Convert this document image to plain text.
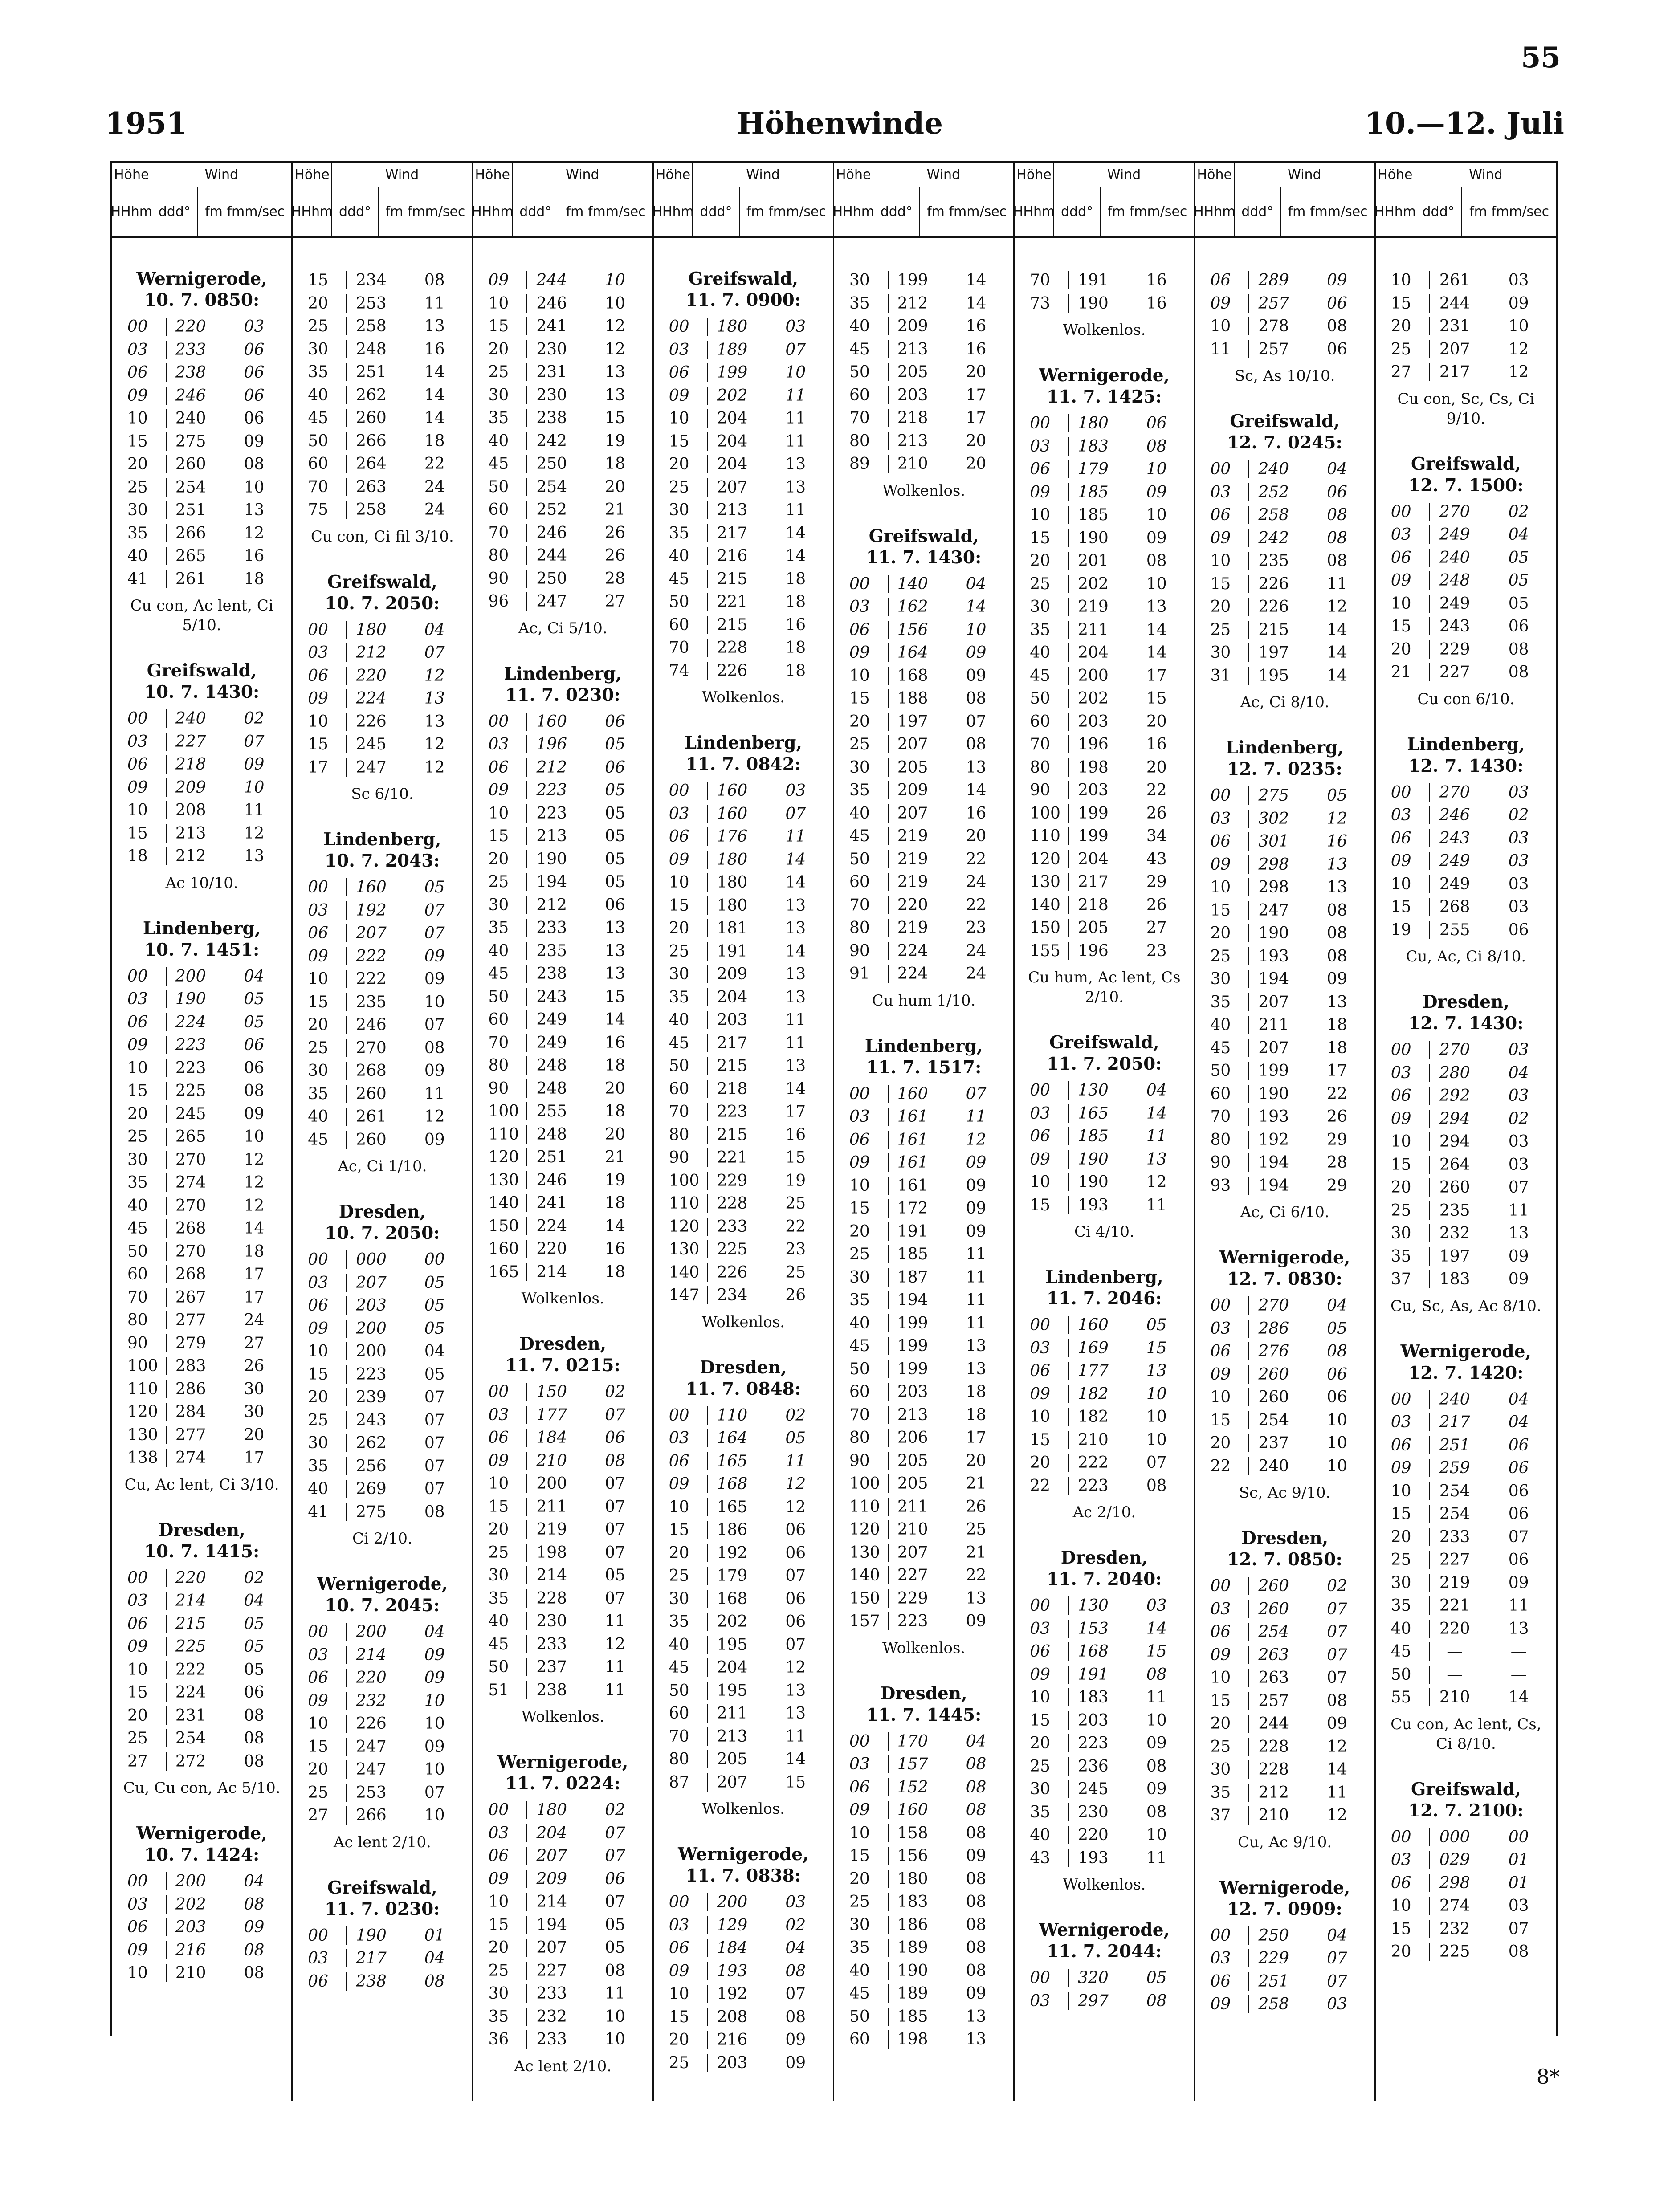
55
1951	Höhenwinde	10.—12. Juli
Höhe	Wind
HH hm ddd ° fm fm m/sec
Wernigerode,
10. 7. 0850:
00	220	03
03	233	06
06	238	06
09	246	06
10	240	06
15	275	09
20	260	08
25	254	10
30	251	13
35	266	12
40	265	16
41	261	18
Cu con, Ac lent, Ci 5/10.
Greifswald,
10. 7. 1430:
00	240	02
03	227	07
06	218	09
09	209	10
10	208	11
15	213	12
18	212	13
Ac 10/10.
Lindenberg,
10. 7. 1451:
00	200	04
03	190	05
06	224	05
09	223	06
10	223	06
15	225	08
20	245	09
25	265	10
30	270	12
35	274	12
40	270	12
45	268	14
50	270	18
60	268	17
70	267	17
80	277	24
90	279	27
100	283	26
110	286	30
120	284	30
130	277	20
138	274	17
Cu, Ac lent, Ci 3/10.
Dresden,
10. 7. 1415:
00	220	02
03	214	04
06	215	05
09	225	05
10	222	05
15	224	06
20	231	08
25	254	08
27	272	08
Cu, Cu con, Ac 5/10.
Wernigerode,
10. 7. 1424:
00	200	04
03	202	08
06	203	09
09	216	08
10	210	08
Höhe	Wind
HH hm ddd ° fm fm m/sec
15	234	08
20	253	11
25	258	13
30	248	16
35	251	14
40	262	14
45	260	14
50	266	18
60	264	22
70	263	24
75	258	24
Cu con, Ci fil 3/10.
Greifswald,
10. 7. 2050:
00	180	04
03	212	07
06	220	12
09	224	13
10	226	13
15	245	12
17	247	12
Sc 6/10.
Lindenberg,
10. 7. 2043:
00	160	05
03	192	07
06	207	07
09	222	09
10	222	09
15	235	10
20	246	07
25	270	08
30	268	09
35	260	11
40	261	12
45	260	09
Ac, Ci 1/10.
Dresden,
10. 7. 2050:
00	000	00
03	207	05
06	203	05
09	200	05
10	200	04
15	223	05
20	239	07
25	243	07
30	262	07
35	256	07
40	269	07
41	275	08
Ci 2/10.
Wernigerode,
10. 7. 2045:
00	200	04
03	214	09
06	220	09
09	232	10
10	226	10
15	247	09
20	247	10
25	253	07
27	266	10
Ac lent 2/10.
Greifswald,
11. 7. 0230:
00	190	01
03	217	04
06	238	08
Höhe	Wind
HH hm ddd ° fm fm m/sec
09	244	10
10	246	10
15	241	12
20	230	12
25	231	13
30	230	13
35	238	15
40	242	19
45	250	18
50	254	20
60	252	21
70	246	26
80	244	26
90	250	28
96	247	27
Ac, Ci 5/10.
Lindenberg,
11. 7. 0230:
00	160	06
03	196	05
06	212	06
09	223	05
10	223	05
15	213	05
20	190	05
25	194	05
30	212	06
35	233	13
40	235	13
45	238	13
50	243	15
60	249	14
70	249	16
80	248	18
90	248	20
100	255	18
110	248	20
120	251	21
130	246	19
140	241	18
150	224	14
160	220	16
165	214	18
Wolkenlos.
Dresden,
11. 7. 0215:
00	150	02
03	177	07
06	184	06
09	210	08
10	200	07
15	211	07
20	219	07
25	198	07
30	214	05
35	228	07
40	230	11
45	233	12
50	237	11
51	238	11
Wolkenlos.
Wernigerode,
11. 7. 0224:
00	180	02
03	204	07
06	207	07
09	209	06
10	214	07
15	194	05
20	207	05
25	227	08
30	233	11
35	232	10
36	233	10
Ac lent 2/10.
Höhe	Wind
HH hm ddd ° fm fm m/sec
Greifswald,
11. 7. 0900:
00	180	03
03	189	07
06	199	10
09	202	11
10	204	11
15	204	11
20	204	13
25	207	13
30	213	11
35	217	14
40	216	14
45	215	18
50	221	18
60	215	16
70	228	18
74	226	18
Wolkenlos.
Lindenberg,
11. 7. 0842:
00	160	03
03	160	07
06	176	11
09	180	14
10	180	14
15	180	13
20	181	13
25	191	14
30	209	13
35	204	13
40	203	11
45	217	11
50	215	13
60	218	14
70	223	17
80	215	16
90	221	15
100	229	19
110	228	25
120	233	22
130	225	23
140	226	25
147	234	26
Wolkenlos.
Dresden,
11. 7. 0848:
00	110	02
03	164	05
06	165	11
09	168	12
10	165	12
15	186	06
20	192	06
25	179	07
30	168	06
35	202	06
40	195	07
45	204	12
50	195	13
60	211	13
70	213	11
80	205	14
87	207	15
Wolkenlos.
Wernigerode,
11. 7. 0838:
00	200	03
03	129	02
06	184	04
09	193	08
10	192	07
15	208	08
20	216	09
25	203	09
Höhe	Wind
HH hm ddd ° fm fm m/sec
30	199	14
35	212	14
40	209	16
45	213	16
50	205	20
60	203	17
70	218	17
80	213	20
89	210	20
Wolkenlos.
Greifswald,
11. 7. 1430:
00	140	04
03	162	14
06	156	10
09	164	09
10	168	09
15	188	08
20	197	07
25	207	08
30	205	13
35	209	14
40	207	16
45	219	20
50	219	22
60	219	24
70	220	22
80	219	23
90	224	24
91	224	24
Cu hum 1/10.
Lindenberg,
11. 7. 1517:
00	160	07
03	161	11
06	161	12
09	161	09
10	161	09
15	172	09
20	191	09
25	185	11
30	187	11
35	194	11
40	199	11
45	199	13
50	199	13
60	203	18
70	213	18
80	206	17
90	205	20
100	205	21
110	211	26
120	210	25
130	207	21
140	227	22
150	229	13
157	223	09
Wolkenlos.
Dresden,
11. 7. 1445:
00	170	04
03	157	08
06	152	08
09	160	08
10	158	08
15	156	09
20	180	08
25	183	08
30	186	08
35	189	08
40	190	08
45	189	09
50	185	13
60	198	13
Höhe	Wind
HH hm ddd ° fm fm m/sec
70	191	16
73	190	16
Wolkenlos.
Wernigerode,
11. 7. 1425:
00	180	06
03	183	08
06	179	10
09	185	09
10	185	10
15	190	09
20	201	08
25	202	10
30	219	13
35	211	14
40	204	14
45	200	17
50	202	15
60	203	20
70	196	16
80	198	20
90	203	22
100	199	26
110	199	34
120	204	43
130	217	29
140	218	26
150	205	27
155	196	23
Cu hum, Ac lent, Cs 2/10.
Greifswald,
11. 7. 2050:
00	130	04
03	165	14
06	185	11
09	190	13
10	190	12
15	193	11
Ci 4/10.
Lindenberg,
11. 7. 2046:
00	160	05
03	169	15
06	177	13
09	182	10
10	182	10
15	210	10
20	222	07
22	223	08
Ac 2/10.
Dresden,
11. 7. 2040:
00	130	03
03	153	14
06	168	15
09	191	08
10	183	11
15	203	10
20	223	09
25	236	08
30	245	09
35	230	08
40	220	10
43	193	11
Wolkenlos.
Wernigerode,
11. 7. 2044:
00	320	05
03	297	08
Höhe	Wind
HH hm ddd ° fm fm m/sec
06	289	09
09	257	06
10	278	08
11	257	06
Sc, As 10/10.
Greifswald,
12. 7. 0245:
00	240	04
03	252	06
06	258	08
09	242	08
10	235	08
15	226	11
20	226	12
25	215	14
30	197	14
31	195	14
Ac, Ci 8/10.
Lindenberg,
12. 7. 0235:
00	275	05
03	302	12
06	301	16
09	298	13
10	298	13
15	247	08
20	190	08
25	193	08
30	194	09
35	207	13
40	211	18
45	207	18
50	199	17
60	190	22
70	193	26
80	192	29
90	194	28
93	194	29
Ac, Ci 6/10.
Wernigerode,
12. 7. 0830:
00	270	04
03	286	05
06	276	08
09	260	06
10	260	06
15	254	10
20	237	10
22	240	10
Sc, Ac 9/10.
Dresden,
12. 7. 0850:
00	260	02
03	260	07
06	254	07
09	263	07
10	263	07
15	257	08
20	244	09
25	228	12
30	228	14
35	212	11
37	210	12
Cu, Ac 9/10.
Wernigerode,
12. 7. 0909:
00	250	04
03	229	07
06	251	07
09	258	03
Höhe	Wind
HH hm ddd ° fm fm m/sec
10	261	03
15	244	09
20	231	10
25	207	12
27	217	12
Cu con, Sc, Cs, Ci 9/10.
Greifswald,
12. 7. 1500:
00	270	02
03	249	04
06	240	05
09	248	05
10	249	05
15	243	06
20	229	08
21	227	08
Cu con 6/10.
Lindenberg,
12. 7. 1430:
00	270	03
03	246	02
06	243	03
09	249	03
10	249	03
15	268	03
19	255	06
Cu, Ac, Ci 8/10.
Dresden,
12. 7. 1430:
00	270	03
03	280	04
06	292	03
09	294	02
10	294	03
15	264	03
20	260	07
25	235	11
30	232	13
35	197	09
37	183	09
Cu, Sc, As, Ac 8/10.
Wernigerode,
12. 7. 1420:
00	240	04
03	217	04
06	251	06
09	259	06
10	254	06
15	254	06
20	233	07
25	227	06
30	219	09
35	221	11
40	220	13
45	—	—
50	—	—
55	210	14
Cu con, Ac lent, Cs, Ci 8/10.
Greifswald,
12. 7. 2100:
00	000	00
03	029	01
06	298	01
10	274	03
15	232	07
20	225	08
8*
